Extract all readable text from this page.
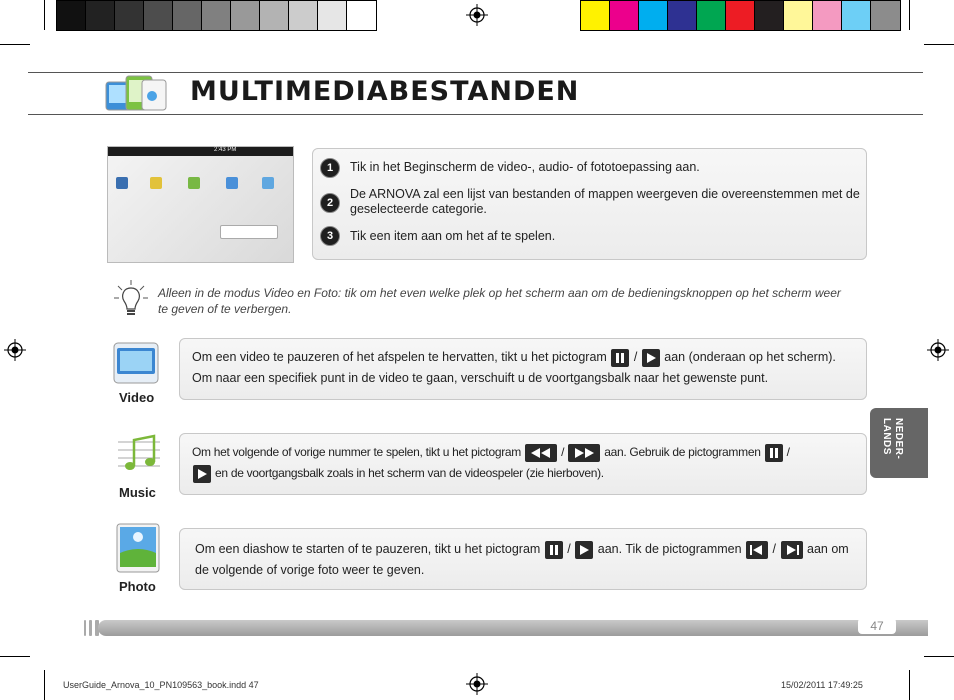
MULTIMEDIABESTANDEN
2:43 PM
1	Tik in het Beginscherm de video-, audio- of fototoepassing aan.
2
De ARNOVA zal een lijst van bestanden of mappen weergeven die overeenstemmen met de geselecteerde categorie.
3	Tik een item aan om het af te spelen.
Alleen in de modus Video en Foto: tik om het even welke plek op het scherm aan om de bedieningsknoppen op het scherm weer te geven of te verbergen.
Video
Om een video te pauzeren of het afspelen te hervatten, tikt u het pictogram / aan (onderaan op het scherm). Om naar een specifiek punt in de video te gaan, verschuift u de voortgangsbalk naar het gewenste punt.
Music
Om het volgende of vorige nummer te spelen, tikt u het pictogram	/	aan. Gebruik de pictogrammen /

en de voortgangsbalk zoals in het scherm van de videospeler (zie hierboven).
Photo
Om een diashow te starten of te pauzeren, tikt u het pictogram / aan. Tik de pictogrammen / aan om de volgende of vorige foto weer te geven.
NEDER-LANDS
47
UserGuide_Arnova_10_PN109563_book.indd 47	15/02/2011 17:49:25
